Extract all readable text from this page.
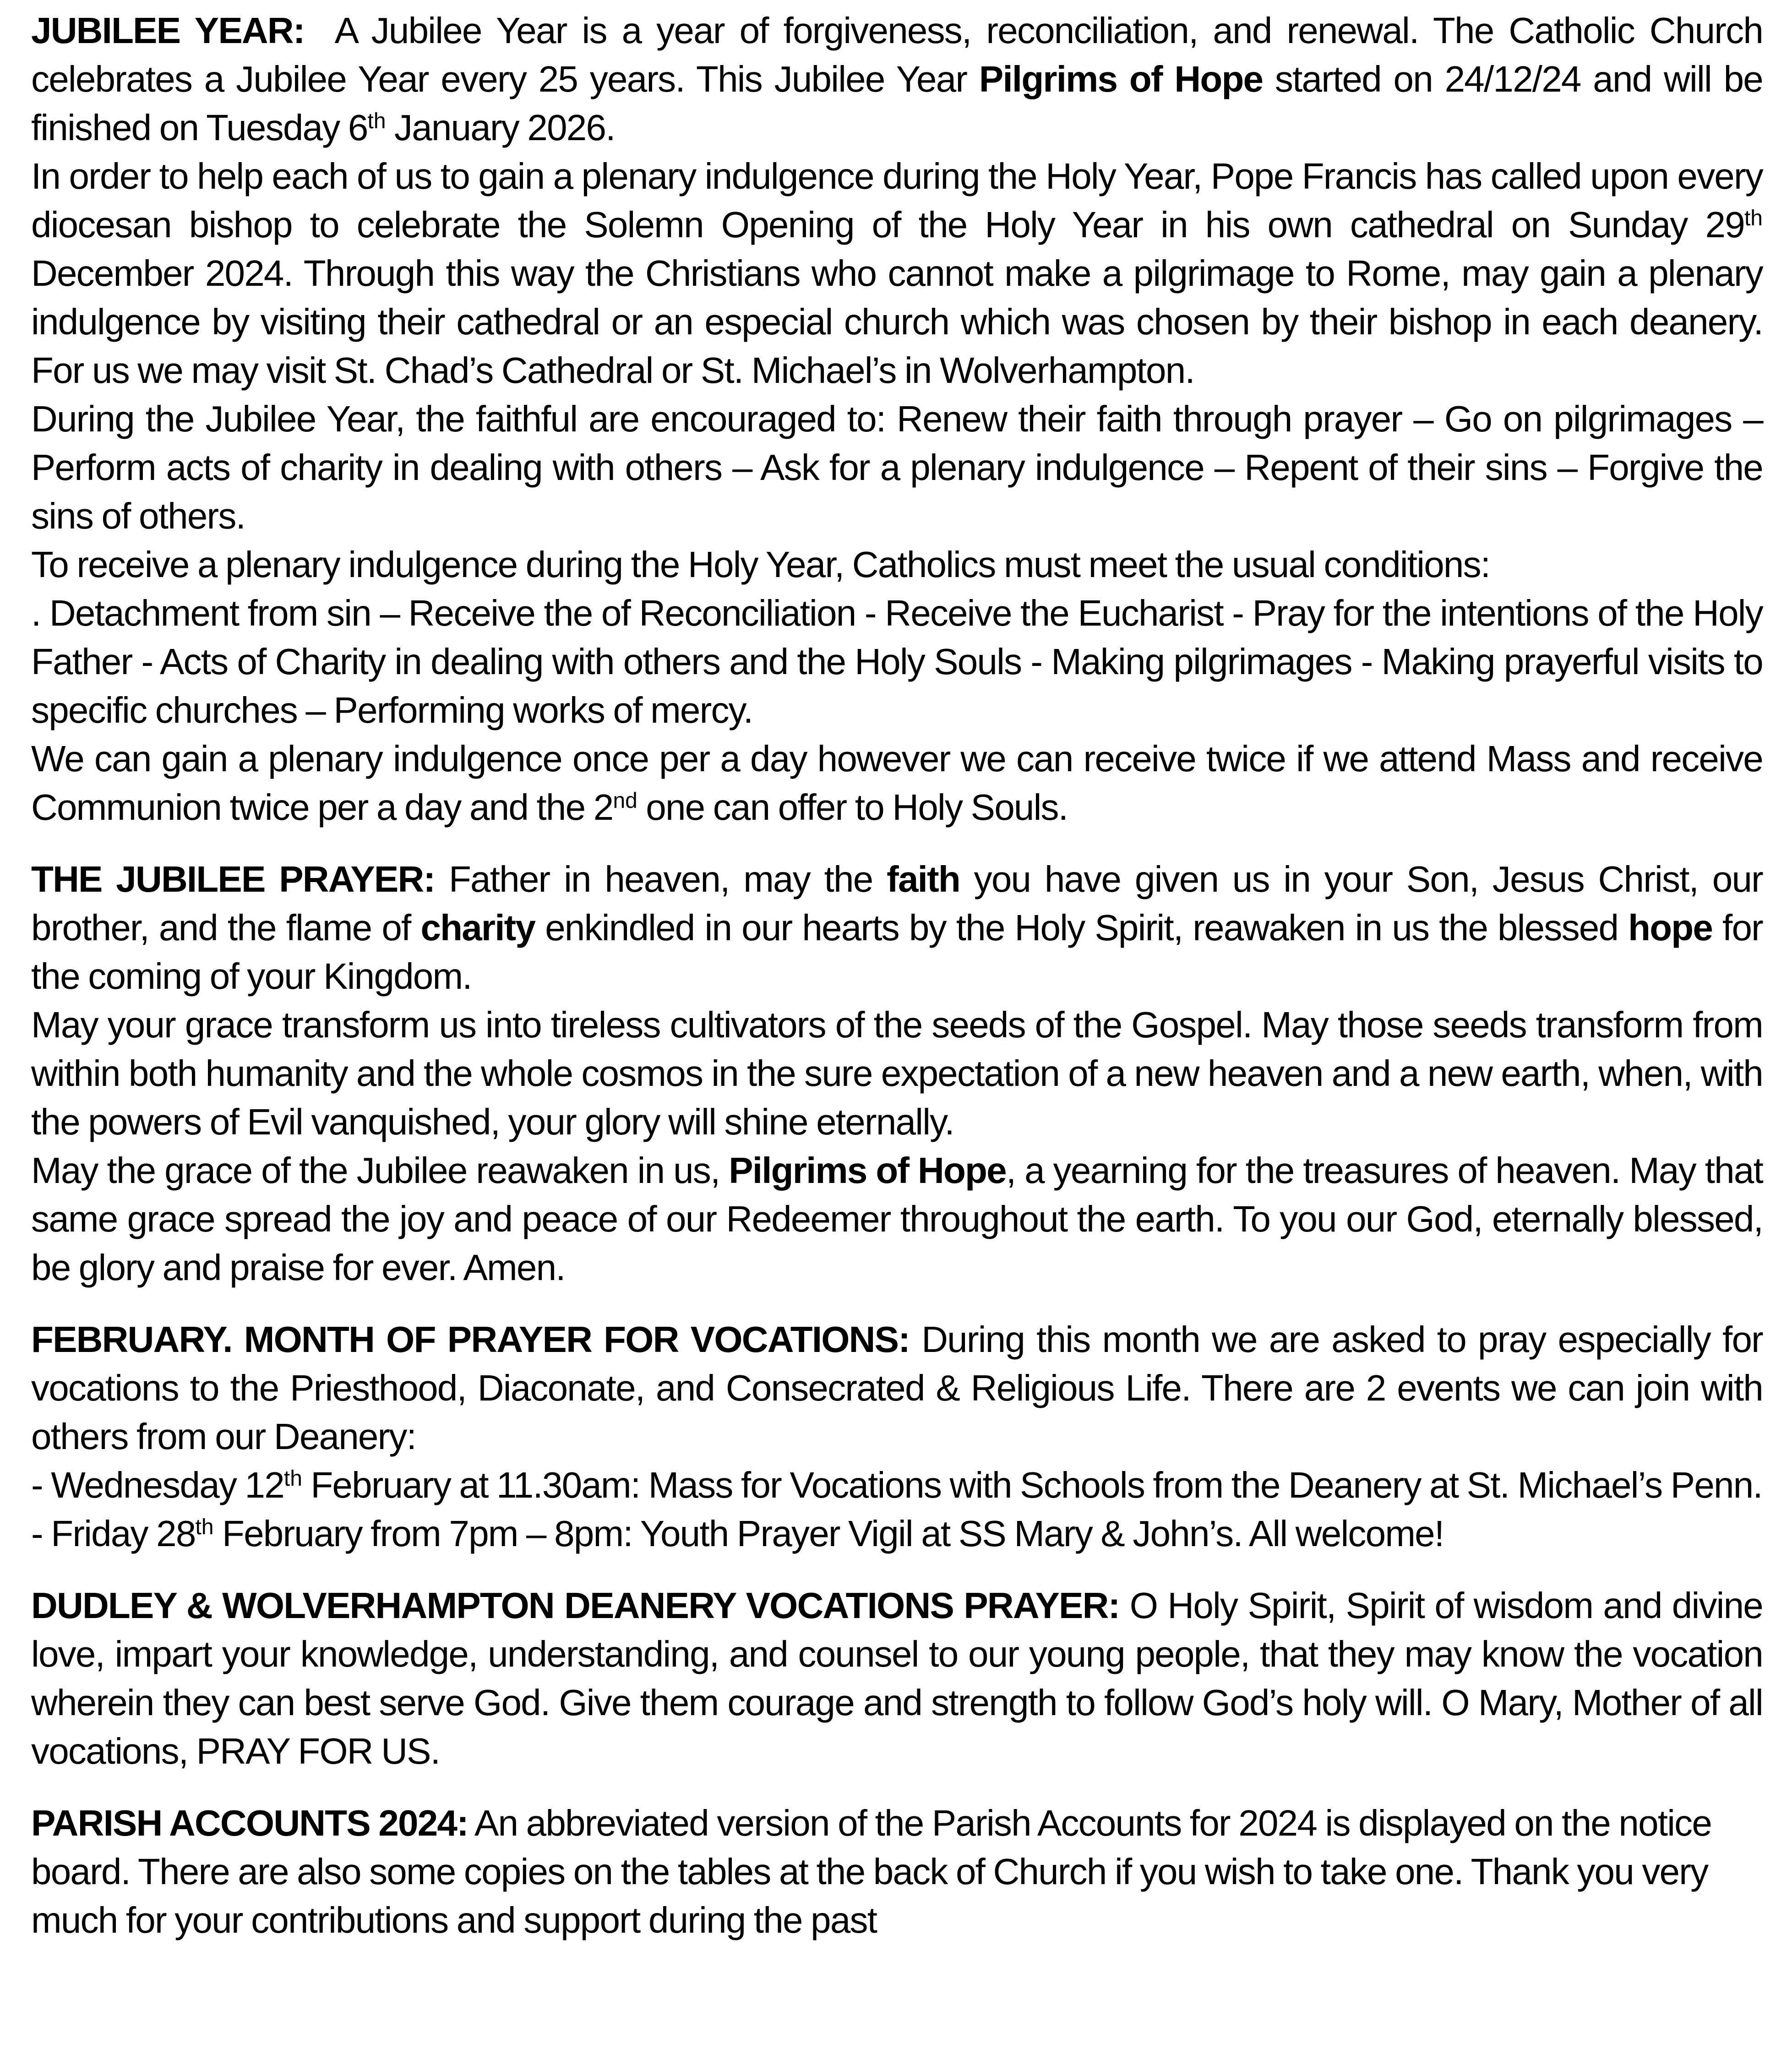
JUBILEE YEAR: A Jubilee Year is a year of forgiveness, reconciliation, and renewal. The Catholic Church celebrates a Jubilee Year every 25 years. This Jubilee Year Pilgrims of Hope started on 24/12/24 and will be finished on Tuesday 6th January 2026.

In order to help each of us to gain a plenary indulgence during the Holy Year, Pope Francis has called upon every diocesan bishop to celebrate the Solemn Opening of the Holy Year in his own cathedral on Sunday 29th December 2024. Through this way the Christians who cannot make a pilgrimage to Rome, may gain a plenary indulgence by visiting their cathedral or an especial church which was chosen by their bishop in each deanery. For us we may visit St. Chad’s Cathedral or St. Michael’s in Wolverhampton.

During the Jubilee Year, the faithful are encouraged to: Renew their faith through prayer – Go on pilgrimages – Perform acts of charity in dealing with others – Ask for a plenary indulgence – Repent of their sins – Forgive the sins of others.

To receive a plenary indulgence during the Holy Year, Catholics must meet the usual conditions:

. Detachment from sin – Receive the of Reconciliation - Receive the Eucharist - Pray for the intentions of the Holy Father - Acts of Charity in dealing with others and the Holy Souls - Making pilgrimages - Making prayerful visits to specific churches – Performing works of mercy.

We can gain a plenary indulgence once per a day however we can receive twice if we attend Mass and receive Communion twice per a day and the 2nd one can offer to Holy Souls.

THE JUBILEE PRAYER: Father in heaven, may the faith you have given us in your Son, Jesus Christ, our brother, and the flame of charity enkindled in our hearts by the Holy Spirit, reawaken in us the blessed hope for the coming of your Kingdom.

May your grace transform us into tireless cultivators of the seeds of the Gospel. May those seeds transform from within both humanity and the whole cosmos in the sure expectation of a new heaven and a new earth, when, with the powers of Evil vanquished, your glory will shine eternally.

May the grace of the Jubilee reawaken in us, Pilgrims of Hope, a yearning for the treasures of heaven. May that same grace spread the joy and peace of our Redeemer throughout the earth. To you our God, eternally blessed, be glory and praise for ever. Amen.

FEBRUARY. MONTH OF PRAYER FOR VOCATIONS: During this month we are asked to pray especially for vocations to the Priesthood, Diaconate, and Consecrated & Religious Life. There are 2 events we can join with others from our Deanery:

- Wednesday 12th February at 11.30am: Mass for Vocations with Schools from the Deanery at St. Michael’s Penn.

- Friday 28th February from 7pm – 8pm: Youth Prayer Vigil at SS Mary & John’s. All welcome!

DUDLEY & WOLVERHAMPTON DEANERY VOCATIONS PRAYER: O Holy Spirit, Spirit of wisdom and divine love, impart your knowledge, understanding, and counsel to our young people, that they may know the vocation wherein they can best serve God. Give them courage and strength to follow God’s holy will. O Mary, Mother of all vocations, PRAY FOR US.

PARISH ACCOUNTS 2024: An abbreviated version of the Parish Accounts for 2024 is displayed on the notice board. There are also some copies on the tables at the back of Church if you wish to take one. Thank you very much for your contributions and support during the past
